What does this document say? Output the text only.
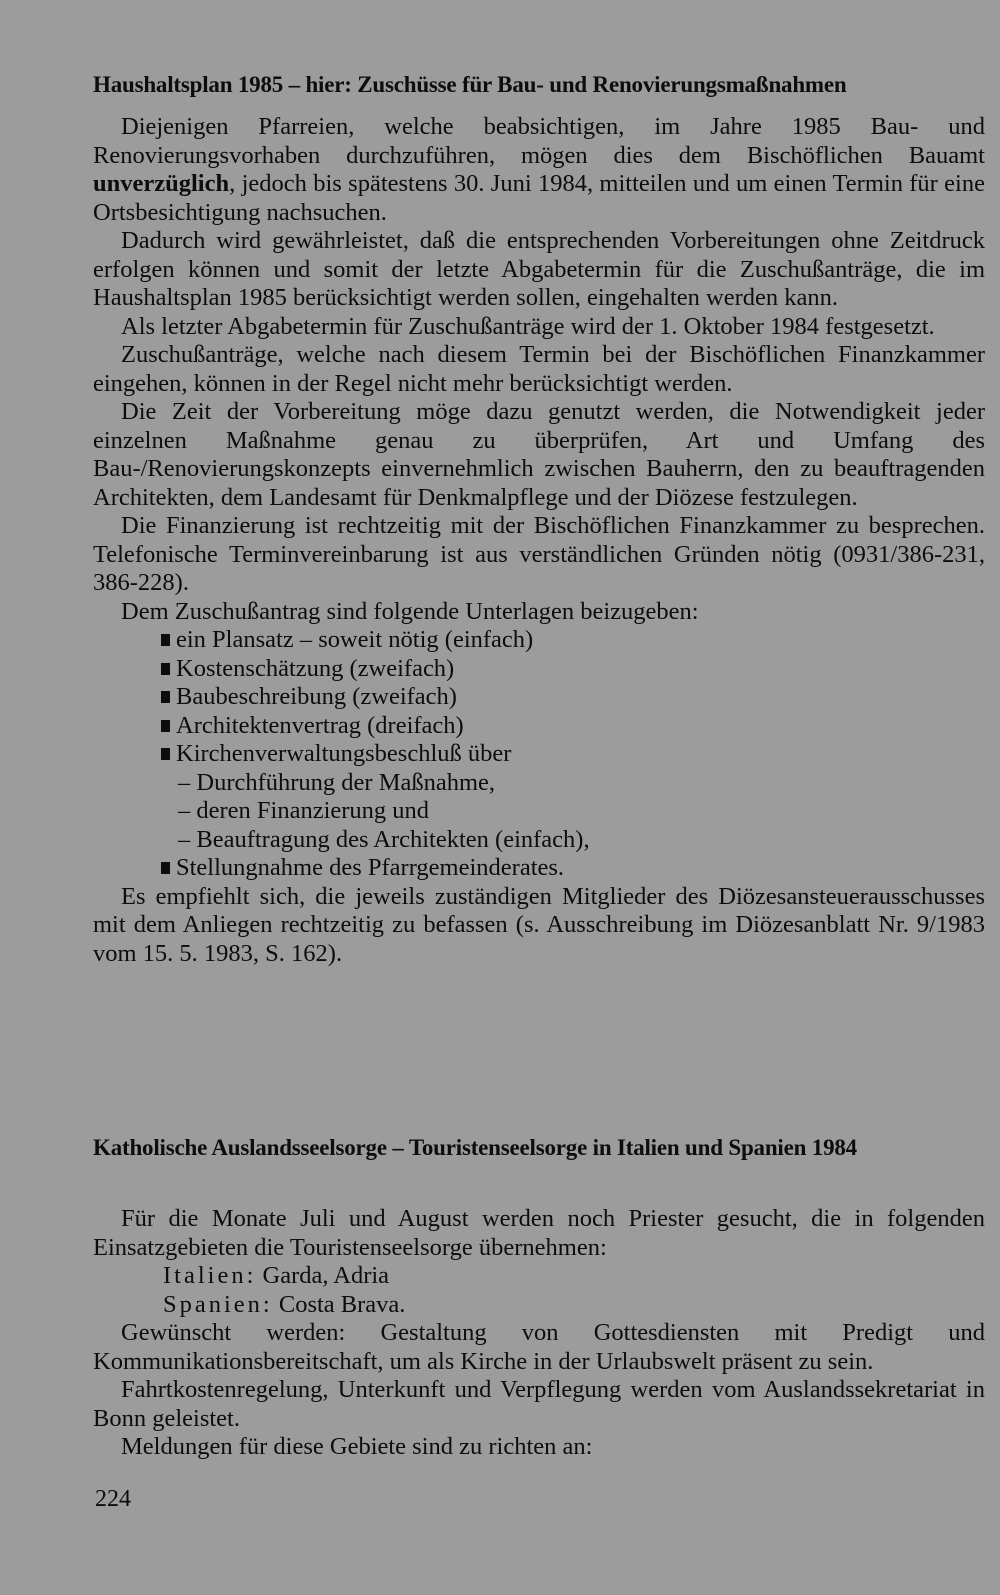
Haushaltsplan 1985 – hier: Zuschüsse für Bau- und Renovierungsmaßnahmen

Diejenigen Pfarreien, welche beabsichtigen, im Jahre 1985 Bau- und Renovierungsvorhaben durchzuführen, mögen dies dem Bischöflichen Bauamt unverzüglich, jedoch bis spätestens 30. Juni 1984, mitteilen und um einen Termin für eine Ortsbesichtigung nachsuchen.

Dadurch wird gewährleistet, daß die entsprechenden Vorbereitungen ohne Zeitdruck erfolgen können und somit der letzte Abgabetermin für die Zuschußanträge, die im Haushaltsplan 1985 berücksichtigt werden sollen, eingehalten werden kann.

Als letzter Abgabetermin für Zuschußanträge wird der 1. Oktober 1984 festgesetzt.

Zuschußanträge, welche nach diesem Termin bei der Bischöflichen Finanzkammer eingehen, können in der Regel nicht mehr berücksichtigt werden.

Die Zeit der Vorbereitung möge dazu genutzt werden, die Notwendigkeit jeder einzelnen Maßnahme genau zu überprüfen, Art und Umfang des Bau-/Renovierungskonzepts einvernehmlich zwischen Bauherrn, den zu beauftragenden Architekten, dem Landesamt für Denkmalpflege und der Diözese festzulegen.

Die Finanzierung ist rechtzeitig mit der Bischöflichen Finanzkammer zu besprechen. Telefonische Terminvereinbarung ist aus verständlichen Gründen nötig (0931/386-231, 386-228).

Dem Zuschußantrag sind folgende Unterlagen beizugeben:

ein Plansatz – soweit nötig (einfach)
Kostenschätzung (zweifach)
Baubeschreibung (zweifach)
Architektenvertrag (dreifach)
Kirchenverwaltungsbeschluß über
– Durchführung der Maßnahme,
– deren Finanzierung und
– Beauftragung des Architekten (einfach),
Stellungnahme des Pfarrgemeinderates.

Es empfiehlt sich, die jeweils zuständigen Mitglieder des Diözesansteuerausschusses mit dem Anliegen rechtzeitig zu befassen (s. Ausschreibung im Diözesanblatt Nr. 9/1983 vom 15. 5. 1983, S. 162).

Katholische Auslandsseelsorge – Touristenseelsorge in Italien und Spanien 1984

Für die Monate Juli und August werden noch Priester gesucht, die in folgenden Einsatzgebieten die Touristenseelsorge übernehmen:

Italien: Garda, Adria
Spanien: Costa Brava.

Gewünscht werden: Gestaltung von Gottesdiensten mit Predigt und Kommunikationsbereitschaft, um als Kirche in der Urlaubswelt präsent zu sein.

Fahrtkostenregelung, Unterkunft und Verpflegung werden vom Auslandssekretariat in Bonn geleistet.

Meldungen für diese Gebiete sind zu richten an:

224
